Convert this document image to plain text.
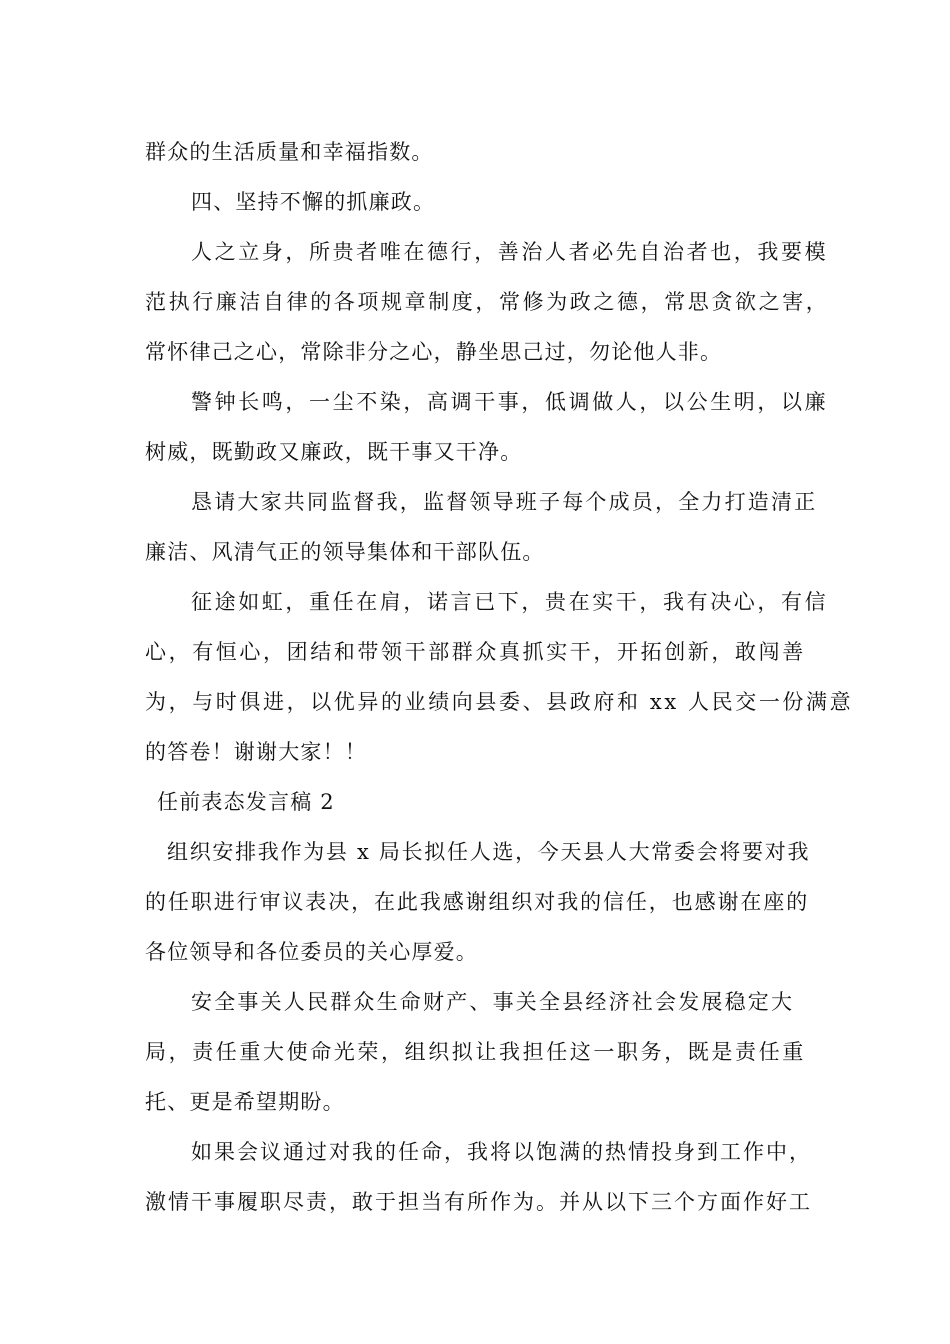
群众的生活质量和幸福指数。
四、坚持不懈的抓廉政。
人之立身，所贵者唯在德行，善治人者必先自治者也，我要模
范执行廉洁自律的各项规章制度，常修为政之德，常思贪欲之害，
常怀律己之心，常除非分之心，静坐思己过，勿论他人非。
警钟长鸣，一尘不染，高调干事，低调做人，以公生明，以廉
树威，既勤政又廉政，既干事又干净。
恳请大家共同监督我，监督领导班子每个成员，全力打造清正
廉洁、风清气正的领导集体和干部队伍。
征途如虹，重任在肩，诺言已下，贵在实干，我有决心，有信
心，有恒心，团结和带领干部群众真抓实干，开拓创新，敢闯善
为，与时俱进，以优异的业绩向县委、县政府和 xx 人民交一份满意
的答卷！谢谢大家！！
任前表态发言稿 2
组织安排我作为县 x 局长拟任人选，今天县人大常委会将要对我
的任职进行审议表决，在此我感谢组织对我的信任，也感谢在座的
各位领导和各位委员的关心厚爱。
安全事关人民群众生命财产、事关全县经济社会发展稳定大
局，责任重大使命光荣，组织拟让我担任这一职务，既是责任重
托、更是希望期盼。
如果会议通过对我的任命，我将以饱满的热情投身到工作中，
激情干事履职尽责，敢于担当有所作为。并从以下三个方面作好工
